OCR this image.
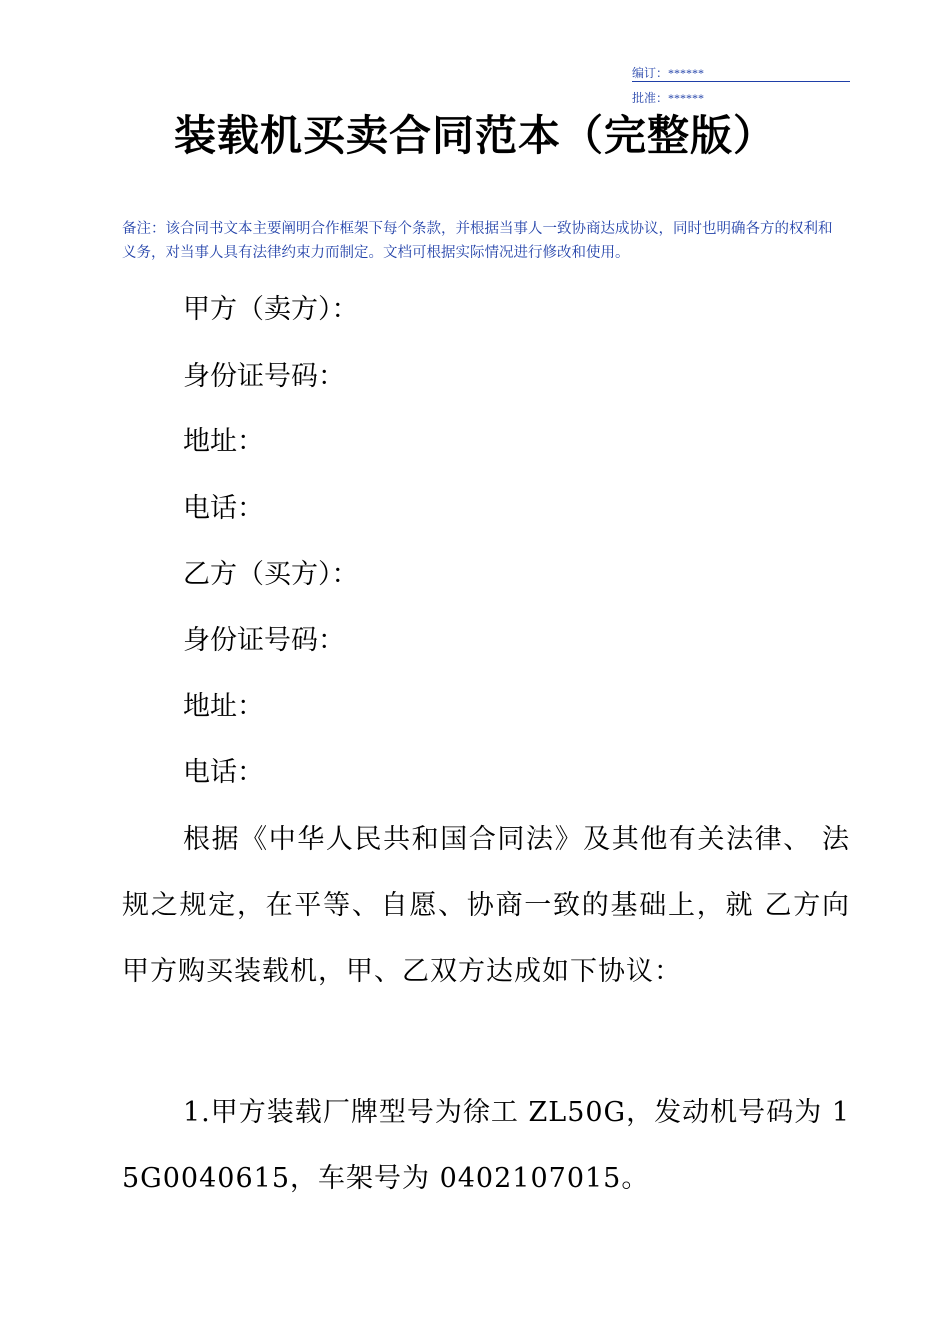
编订：******
批准：******
装载机买卖合同范本（完整版）
备注：该合同书文本主要阐明合作框架下每个条款，并根据当事人一致协商达成协议，同时也明确各方的权利和义务，对当事人具有法律约束力而制定。文档可根据实际情况进行修改和使用。
甲方（卖方）：
身份证号码：
地址：
电话：
乙方（买方）：
身份证号码：
地址：
电话：
根据《中华人民共和国合同法》及其他有关法律、 法规之规定，在平等、自愿、协商一致的基础上，就 乙方向甲方购买装载机，甲、乙双方达成如下协议：
1.甲方装载厂牌型号为徐工 ZL50G，发动机号码为 15G0040615，车架号为 0402107015。
